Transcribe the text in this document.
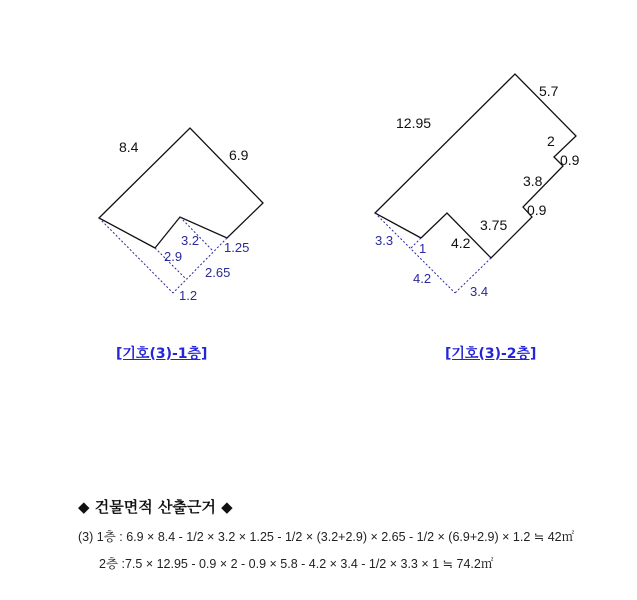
8.4	6.9
3.2 1.25
2.9
2.65
1.2
12.95
5.7
2
0.9
3.8
0.9
3.75
4.2
3.3
1
4.2
3.4
[기호(3)-1층]	[기호(3)-2층]
◆ 건물면적 산출근거 ◆
(3) 1층 : 6.9 × 8.4 - 1/2 × 3.2 × 1.25 - 1/2 × (3.2+2.9) × 2.65 - 1/2 × (6.9+2.9) × 1.2 ≒ 42㎡
2층 :7.5 × 12.95 - 0.9 × 2 - 0.9 × 5.8 - 4.2 × 3.4 - 1/2 × 3.3 × 1 ≒ 74.2㎡
